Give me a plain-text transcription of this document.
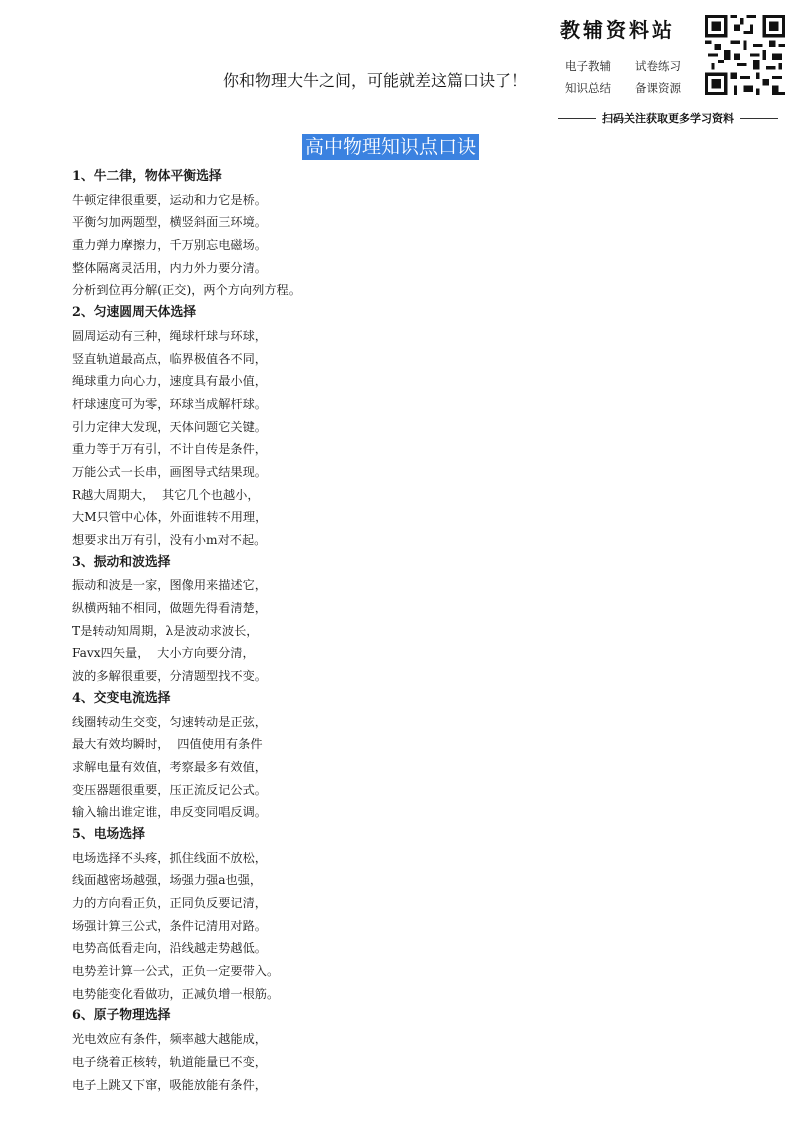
教辅资料站
你和物理大牛之间，可能就差这篇口诀了！
电子教辅	试卷练习
知识总结	备课资源
扫码关注获取更多学习资料
高中物理知识点口诀
1、牛二律，物体平衡选择
牛顿定律很重要，运动和力它是桥。
平衡匀加两题型，横竖斜面三环境。
重力弹力摩擦力，千万别忘电磁场。
整体隔离灵活用，内力外力要分清。
分析到位再分解(正交)，两个方向列方程。
2、匀速圆周天体选择
圆周运动有三种，绳球杆球与环球，
竖直轨道最高点，临界极值各不同，
绳球重力向心力，速度具有最小值，
杆球速度可为零，环球当成解杆球。
引力定律大发现，天体问题它关键。
重力等于万有引，不计自传是条件，
万能公式一长串，画图导式结果现。
R越大周期大，  其它几个也越小，
大M只管中心体，外面谁转不用理，
想要求出万有引，没有小m对不起。
3、振动和波选择
振动和波是一家，图像用来描述它，
纵横两轴不相同，做题先得看清楚，
T是转动知周期，λ是波动求波长，
Favx四矢量，  大小方向要分清，
波的多解很重要，分清题型找不变。
4、交变电流选择
线圈转动生交变，匀速转动是正弦，
最大有效均瞬时，  四值使用有条件
求解电量有效值，考察最多有效值，
变压器题很重要，压正流反记公式。
输入输出谁定谁，串反变同唱反调。
5、电场选择
电场选择不头疼，抓住线面不放松，
线面越密场越强，场强力强a也强，
力的方向看正负，正同负反要记清，
场强计算三公式，条件记清用对路。
电势高低看走向，沿线越走势越低。
电势差计算一公式，正负一定要带入。
电势能变化看做功，正减负增一根筋。
6、原子物理选择
光电效应有条件，频率越大越能成，
电子绕着正核转，轨道能量已不变，
电子上跳又下窜，吸能放能有条件，
